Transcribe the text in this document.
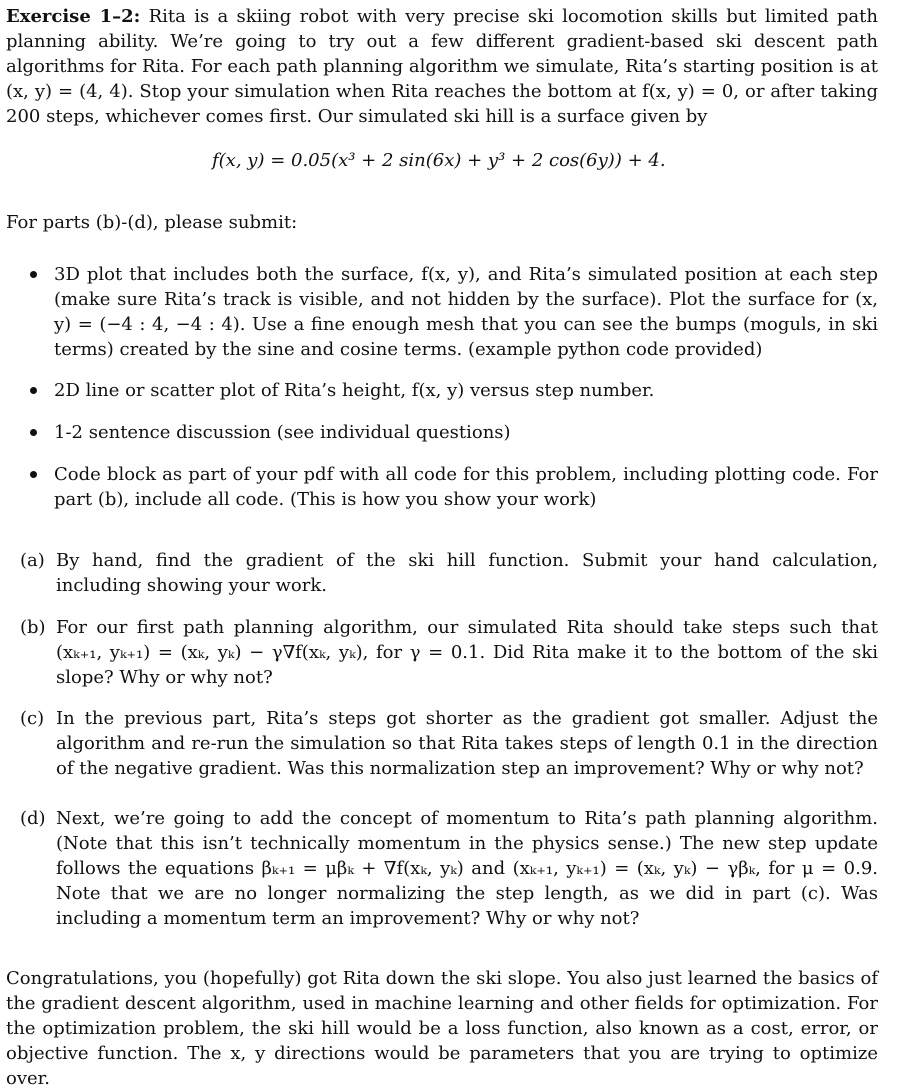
Exercise 1–2: Rita is a skiing robot with very precise ski locomotion skills but limited path planning ability. We’re going to try out a few different gradient-based ski descent path algorithms for Rita. For each path planning algorithm we simulate, Rita’s starting position is at (x, y) = (4, 4). Stop your simulation when Rita reaches the bottom at f(x, y) = 0, or after taking 200 steps, whichever comes first. Our simulated ski hill is a surface given by

f(x, y) = 0.05(x³ + 2 sin(6x) + y³ + 2 cos(6y)) + 4.

For parts (b)-(d), please submit:

3D plot that includes both the surface, f(x, y), and Rita’s simulated position at each step (make sure Rita’s track is visible, and not hidden by the surface). Plot the surface for (x, y) = (−4 : 4, −4 : 4). Use a fine enough mesh that you can see the bumps (moguls, in ski terms) created by the sine and cosine terms. (example python code provided)

2D line or scatter plot of Rita’s height, f(x, y) versus step number.

1-2 sentence discussion (see individual questions)

Code block as part of your pdf with all code for this problem, including plotting code. For part (b), include all code. (This is how you show your work)

(a) By hand, find the gradient of the ski hill function. Submit your hand calculation, including showing your work.
(b) For our first path planning algorithm, our simulated Rita should take steps such that (xₖ₊₁, yₖ₊₁) = (xₖ, yₖ) − γ∇f(xₖ, yₖ), for γ = 0.1. Did Rita make it to the bottom of the ski slope? Why or why not?
(c) In the previous part, Rita’s steps got shorter as the gradient got smaller. Adjust the algorithm and re-run the simulation so that Rita takes steps of length 0.1 in the direction of the negative gradient. Was this normalization step an improvement? Why or why not?
(d) Next, we’re going to add the concept of momentum to Rita’s path planning algorithm. (Note that this isn’t technically momentum in the physics sense.) The new step update follows the equations βₖ₊₁ = μβₖ + ∇f(xₖ, yₖ) and (xₖ₊₁, yₖ₊₁) = (xₖ, yₖ) − γβₖ, for μ = 0.9. Note that we are no longer normalizing the step length, as we did in part (c). Was including a momentum term an improvement? Why or why not?

Congratulations, you (hopefully) got Rita down the ski slope. You also just learned the basics of the gradient descent algorithm, used in machine learning and other fields for optimization. For the optimization problem, the ski hill would be a loss function, also known as a cost, error, or objective function. The x, y directions would be parameters that you are trying to optimize over.
